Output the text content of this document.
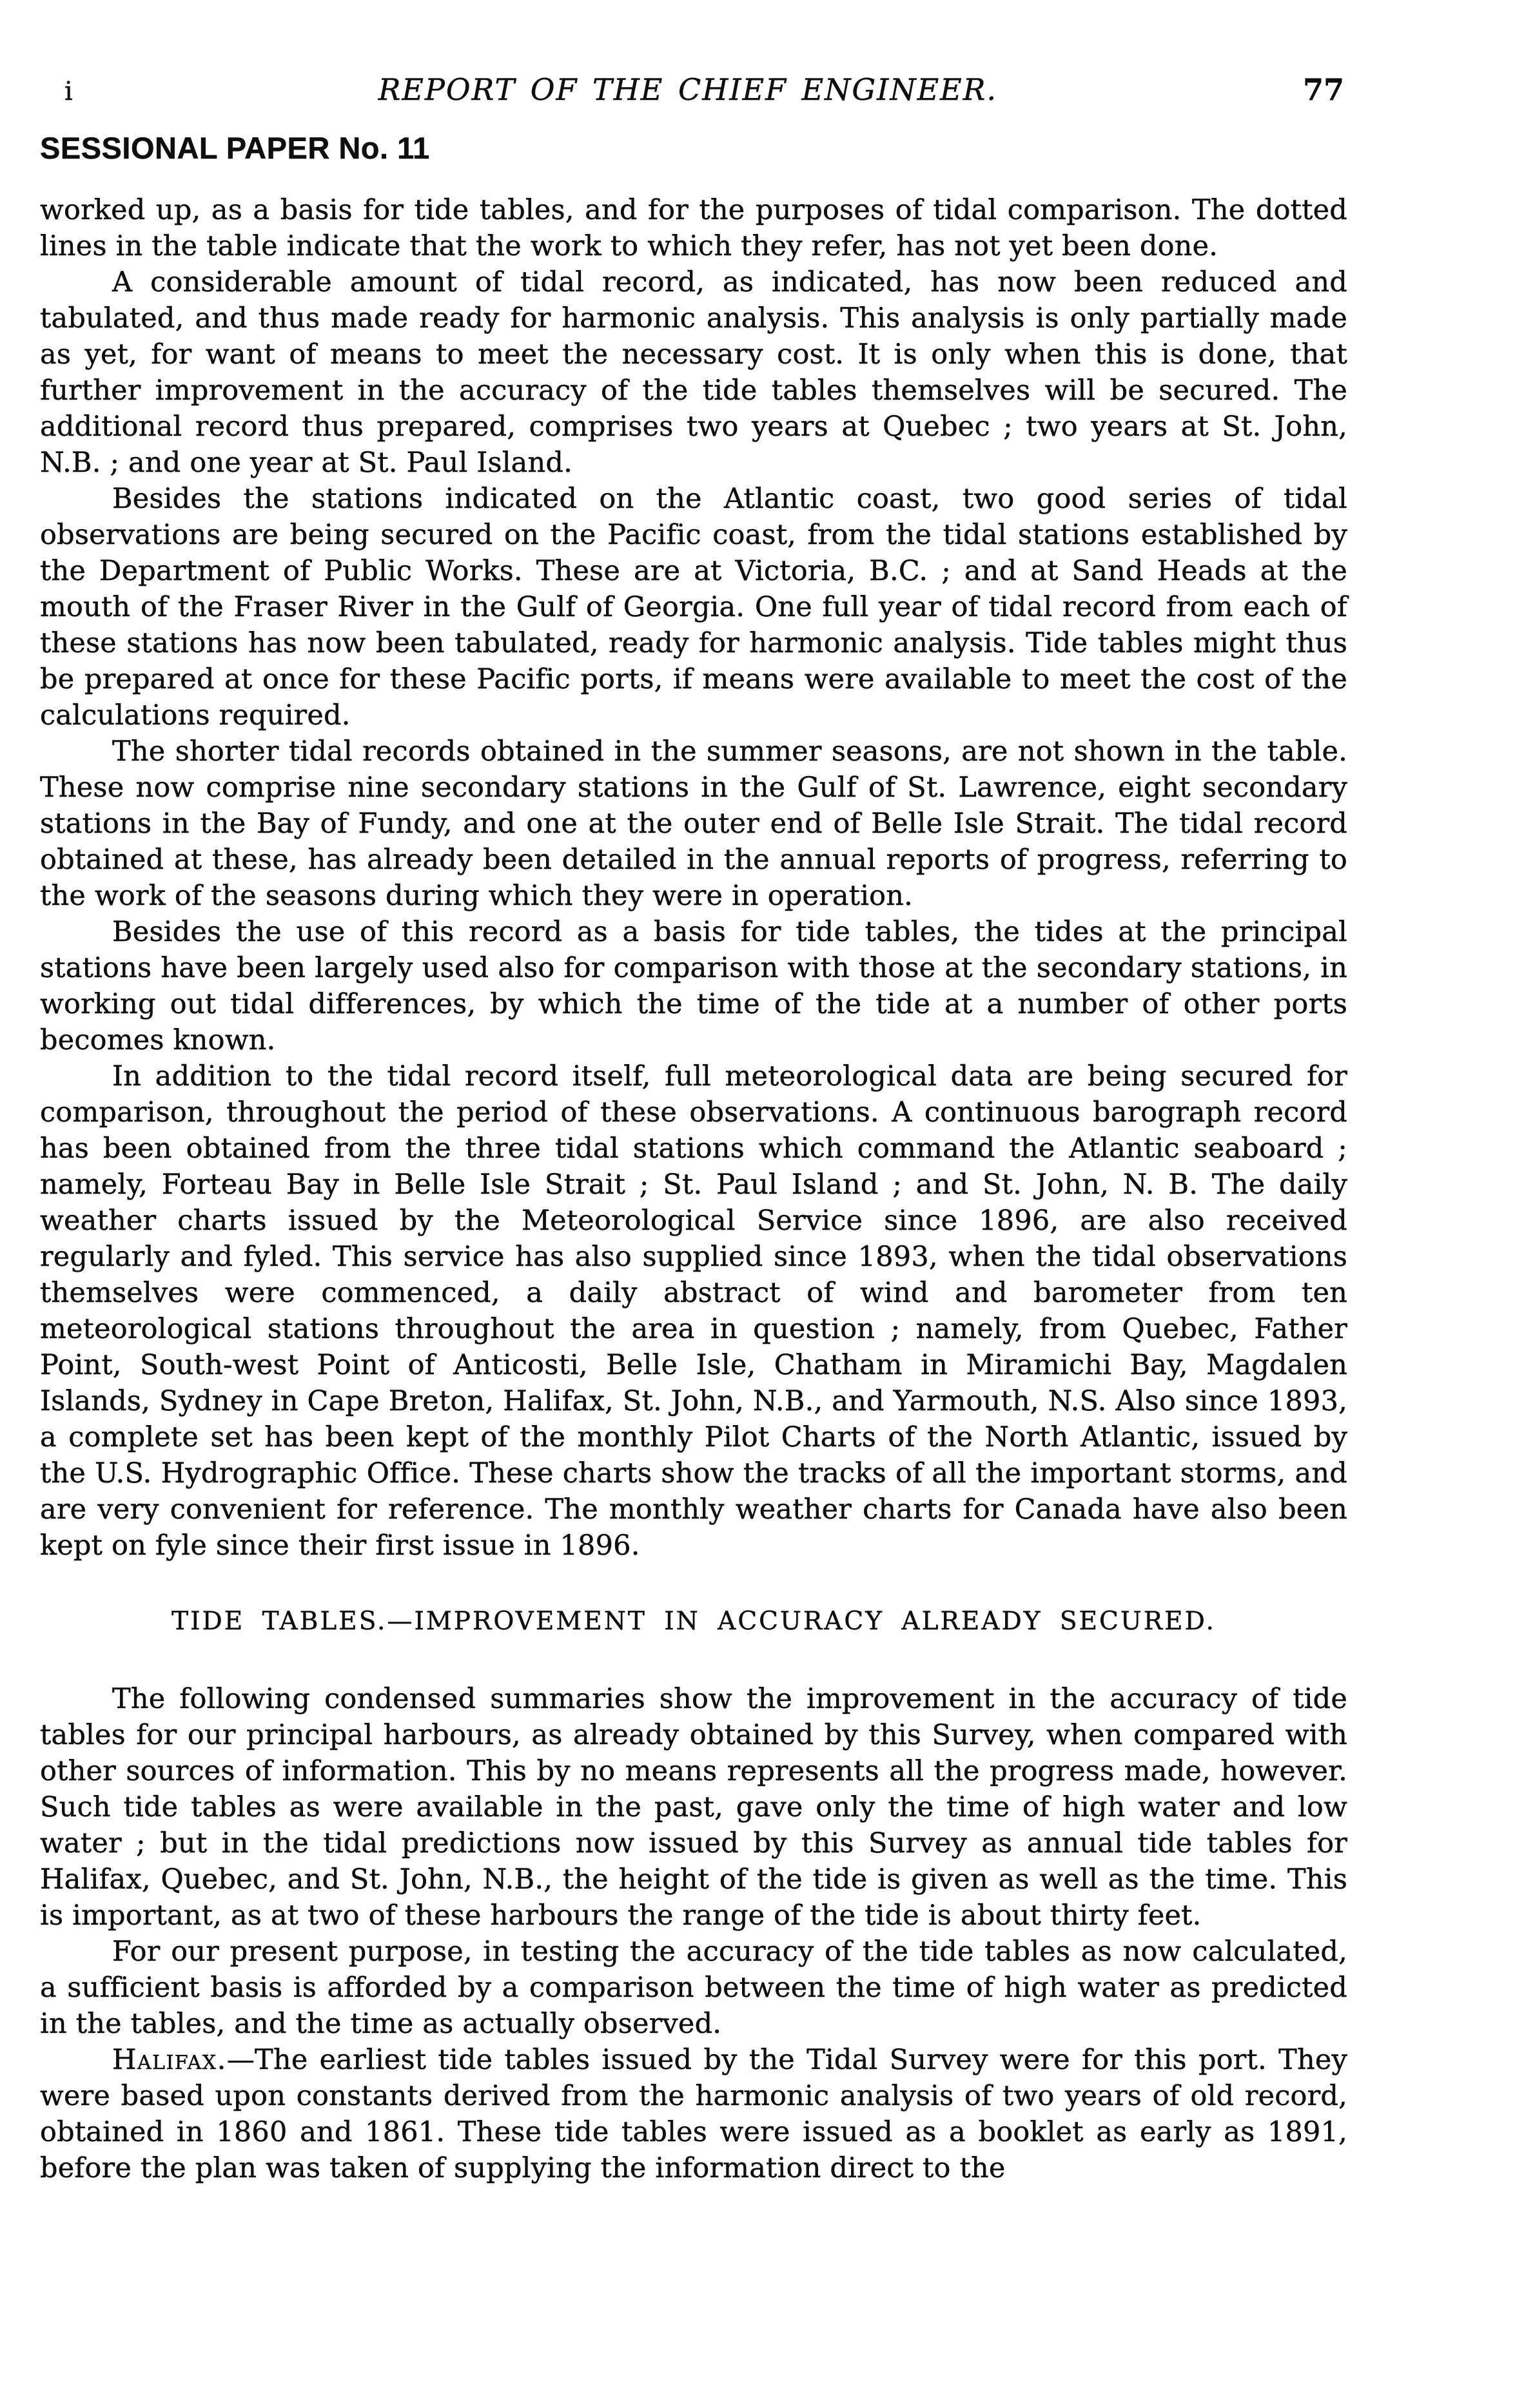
i	REPORT OF THE CHIEF ENGINEER.	77
SESSIONAL PAPER No. 11

worked up, as a basis for tide tables, and for the purposes of tidal comparison. The dotted lines in the table indicate that the work to which they refer, has not yet been done.

A considerable amount of tidal record, as indicated, has now been reduced and tabulated, and thus made ready for harmonic analysis. This analysis is only partially made as yet, for want of means to meet the necessary cost. It is only when this is done, that further improvement in the accuracy of the tide tables themselves will be secured. The additional record thus prepared, comprises two years at Quebec ; two years at St. John, N.B. ; and one year at St. Paul Island.

Besides the stations indicated on the Atlantic coast, two good series of tidal observations are being secured on the Pacific coast, from the tidal stations established by the Department of Public Works. These are at Victoria, B.C. ; and at Sand Heads at the mouth of the Fraser River in the Gulf of Georgia. One full year of tidal record from each of these stations has now been tabulated, ready for harmonic analysis. Tide tables might thus be prepared at once for these Pacific ports, if means were available to meet the cost of the calculations required.

The shorter tidal records obtained in the summer seasons, are not shown in the table. These now comprise nine secondary stations in the Gulf of St. Lawrence, eight secondary stations in the Bay of Fundy, and one at the outer end of Belle Isle Strait. The tidal record obtained at these, has already been detailed in the annual reports of progress, referring to the work of the seasons during which they were in operation.

Besides the use of this record as a basis for tide tables, the tides at the principal stations have been largely used also for comparison with those at the secondary stations, in working out tidal differences, by which the time of the tide at a number of other ports becomes known.

In addition to the tidal record itself, full meteorological data are being secured for comparison, throughout the period of these observations. A continuous barograph record has been obtained from the three tidal stations which command the Atlantic seaboard ; namely, Forteau Bay in Belle Isle Strait ; St. Paul Island ; and St. John, N. B. The daily weather charts issued by the Meteorological Service since 1896, are also received regularly and fyled. This service has also supplied since 1893, when the tidal observations themselves were commenced, a daily abstract of wind and barometer from ten meteorological stations throughout the area in question ; namely, from Quebec, Father Point, South-west Point of Anticosti, Belle Isle, Chatham in Miramichi Bay, Magdalen Islands, Sydney in Cape Breton, Halifax, St. John, N.B., and Yarmouth, N.S. Also since 1893, a complete set has been kept of the monthly Pilot Charts of the North Atlantic, issued by the U.S. Hydrographic Office. These charts show the tracks of all the important storms, and are very convenient for reference. The monthly weather charts for Canada have also been kept on fyle since their first issue in 1896.

TIDE TABLES.—IMPROVEMENT IN ACCURACY ALREADY SECURED.

The following condensed summaries show the improvement in the accuracy of tide tables for our principal harbours, as already obtained by this Survey, when compared with other sources of information. This by no means represents all the progress made, however. Such tide tables as were available in the past, gave only the time of high water and low water ; but in the tidal predictions now issued by this Survey as annual tide tables for Halifax, Quebec, and St. John, N.B., the height of the tide is given as well as the time. This is important, as at two of these harbours the range of the tide is about thirty feet.

For our present purpose, in testing the accuracy of the tide tables as now calculated, a sufficient basis is afforded by a comparison between the time of high water as predicted in the tables, and the time as actually observed.

Halifax.—The earliest tide tables issued by the Tidal Survey were for this port. They were based upon constants derived from the harmonic analysis of two years of old record, obtained in 1860 and 1861. These tide tables were issued as a booklet as early as 1891, before the plan was taken of supplying the information direct to the
